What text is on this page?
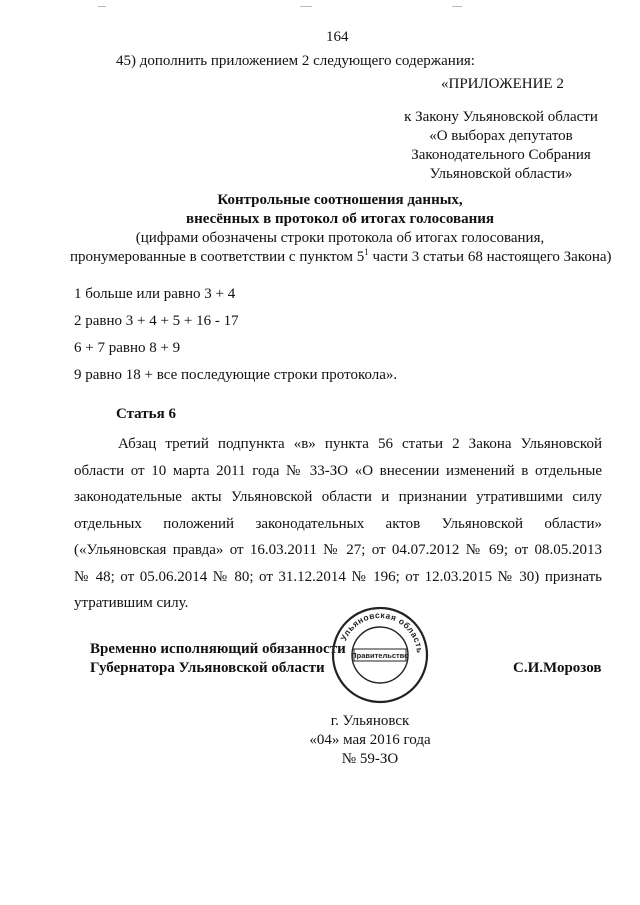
164
45) дополнить приложением 2 следующего содержания:
«ПРИЛОЖЕНИЕ 2
к Закону Ульяновской области
«О выборах депутатов
Законодательного Собрания
Ульяновской области»
Контрольные соотношения данных,
внесённых в протокол об итогах голосования
(цифрами обозначены строки протокола об итогах голосования,
пронумерованные в соответствии с пунктом $5^1$ части 3 статьи 68 настоящего Закона)
1 больше или равно 3 + 4
2 равно 3 + 4 + 5 + 16 - 17
6 + 7 равно 8 + 9
9 равно 18 + все последующие строки протокола».
Статья 6
Абзац третий подпункта «в» пункта 56 статьи 2 Закона Ульяновской
области от 10 марта 2011 года № 33-ЗО «О внесении изменений в отдельные
законодательные акты Ульяновской области и признании утратившими силу
отдельных положений законодательных актов Ульяновской области»
(«Ульяновская правда» от 16.03.2011 № 27; от 04.07.2012 № 69; от 08.05.2013
№ 48; от 05.06.2014 № 80; от 31.12.2014 № 196; от 12.03.2015 № 30) признать
утратившим силу.
Временно исполняющий обязанности
Губернатора Ульяновской области	С.И.Морозов
Ульяновская область
Правительство
г. Ульяновск
«04» мая 2016 года
№ 59-ЗО
